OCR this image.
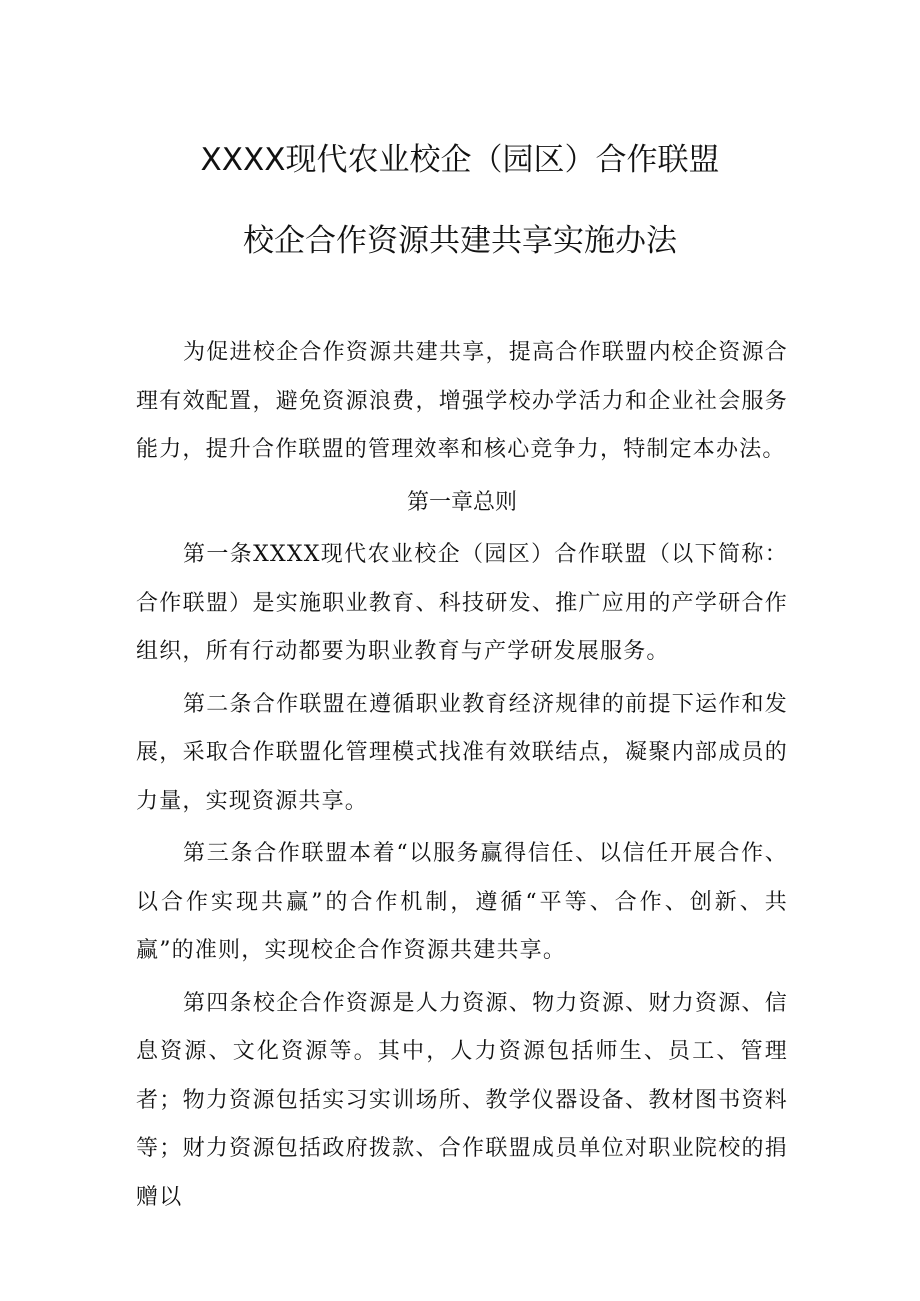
XXXX现代农业校企（园区）合作联盟
校企合作资源共建共享实施办法

为促进校企合作资源共建共享，提高合作联盟内校企资源合理有效配置，避免资源浪费，增强学校办学活力和企业社会服务能力，提升合作联盟的管理效率和核心竞争力，特制定本办法。

第一章总则

第一条XXXX现代农业校企（园区）合作联盟（以下简称：合作联盟）是实施职业教育、科技研发、推广应用的产学研合作组织，所有行动都要为职业教育与产学研发展服务。

第二条合作联盟在遵循职业教育经济规律的前提下运作和发展，采取合作联盟化管理模式找准有效联结点，凝聚内部成员的力量，实现资源共享。

第三条合作联盟本着“以服务赢得信任、以信任开展合作、以合作实现共赢”的合作机制，遵循“平等、合作、创新、共赢”的准则，实现校企合作资源共建共享。

第四条校企合作资源是人力资源、物力资源、财力资源、信息资源、文化资源等。其中，人力资源包括师生、员工、管理者；物力资源包括实习实训场所、教学仪器设备、教材图书资料等；财力资源包括政府拨款、合作联盟成员单位对职业院校的捐赠以
